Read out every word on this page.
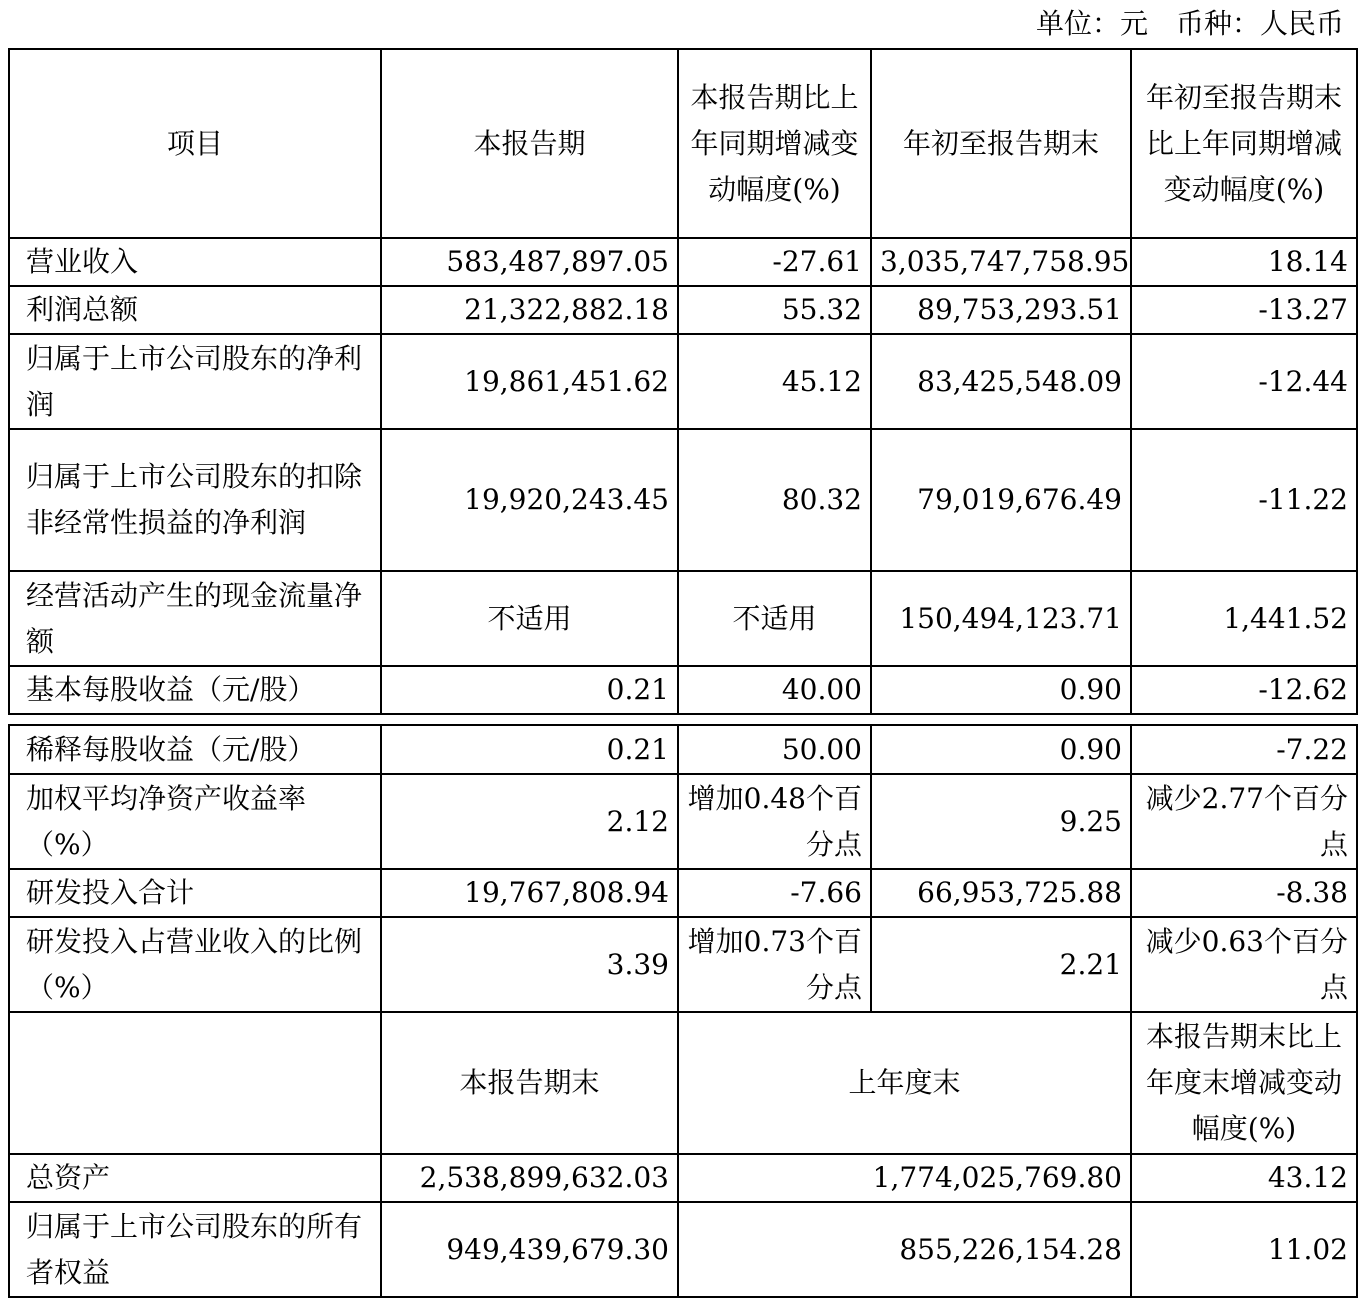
单位：元　币种：人民币
项目	本报告期	本报告期比上年同期增减变动幅度(%)	年初至报告期末	年初至报告期末比上年同期增减变动幅度(%)
营业收入	583,487,897.05	-27.61	3,035,747,758.95	18.14
利润总额	21,322,882.18	55.32	89,753,293.51	-13.27
归属于上市公司股东的净利润	19,861,451.62	45.12	83,425,548.09	-12.44
归属于上市公司股东的扣除非经常性损益的净利润	19,920,243.45	80.32	79,019,676.49	-11.22
经营活动产生的现金流量净额	不适用	不适用	150,494,123.71	1,441.52
基本每股收益（元/股）	0.21	40.00	0.90	-12.62
稀释每股收益（元/股）	0.21	50.00	0.90	-7.22
加权平均净资产收益率（%）	2.12	增加0.48个百分点	9.25	减少2.77个百分点
研发投入合计	19,767,808.94	-7.66	66,953,725.88	-8.38
研发投入占营业收入的比例（%）	3.39	增加0.73个百分点	2.21	减少0.63个百分点
	本报告期末	上年度末		本报告期末比上年度末增减变动幅度(%)
总资产	2,538,899,632.03	1,774,025,769.80		43.12
归属于上市公司股东的所有者权益	949,439,679.30	855,226,154.28		11.02
